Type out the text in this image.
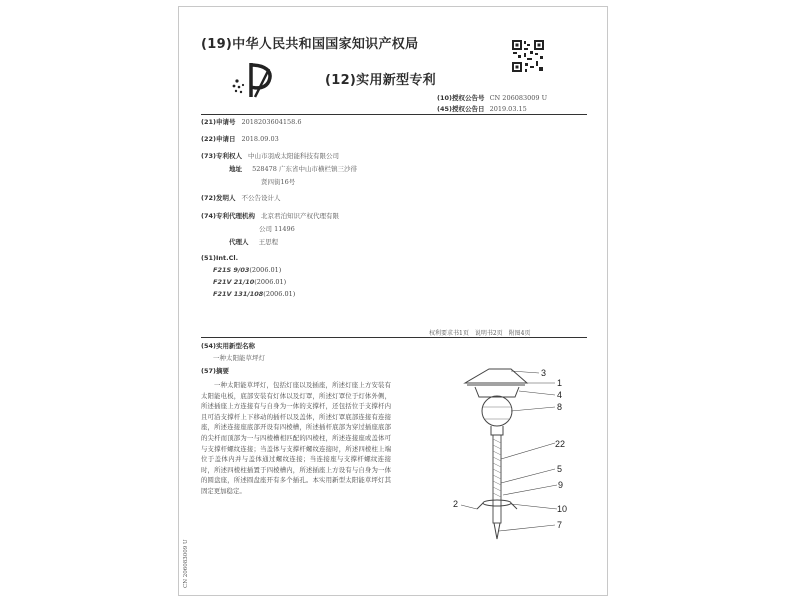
(19)中华人民共和国国家知识产权局
(12)实用新型专利
(10)授权公告号 CN 206083009 U
(45)授权公告日 2019.03.15
(21)申请号 2018203604158.6
(22)申请日 2018.09.03
(73)专利权人 中山市羽成太阳能科技有限公司
地址 528478 广东省中山市横栏镇三沙徘
贤四街16号
(72)发明人 不公告设计人
(74)专利代理机构 北京君泊知识产权代理有限
公司 11496
代理人 王思程
(51)Int.Cl.
F21S 9/03(2006.01)
F21V 21/10(2006.01)
F21V 131/108(2006.01)
权利要求书1页　说明书2页　附图4页
(54)实用新型名称
一种太阳能草坪灯
(57)摘要
一种太阳能草坪灯，包括灯座以及插座，所述灯座上方安装有太阳能电板，底部安装有灯体以及灯罩，所述灯罩位于灯体外侧，所述插座上方连接有与自身为一体的支撑杆，还包括位于支撑杆内且可沿支撑杆上下移动的插杆以及盖体，所述灯罩底部连接有连接座，所述连接座底部开设有四棱槽，所述插杆底部为穿过插座底部的尖杆而顶部为一与四棱槽相匹配的四棱柱，所述连接座或盖体可与支撑杆螺纹连接；当盖体与支撑杆螺纹连接时，所述四棱柱上端位于盖体内并与盖体通过螺纹连接；当连接座与支撑杆螺纹连接时，所述四棱柱插置于四棱槽内，所述插座上方设有与自身为一体的圆盘座，所述圆盘座开有多个插孔。本实用新型太阳能草坪灯其固定更加稳定。
3
1
4
8
22
5
9
2	10
7
CN 206083009 U
